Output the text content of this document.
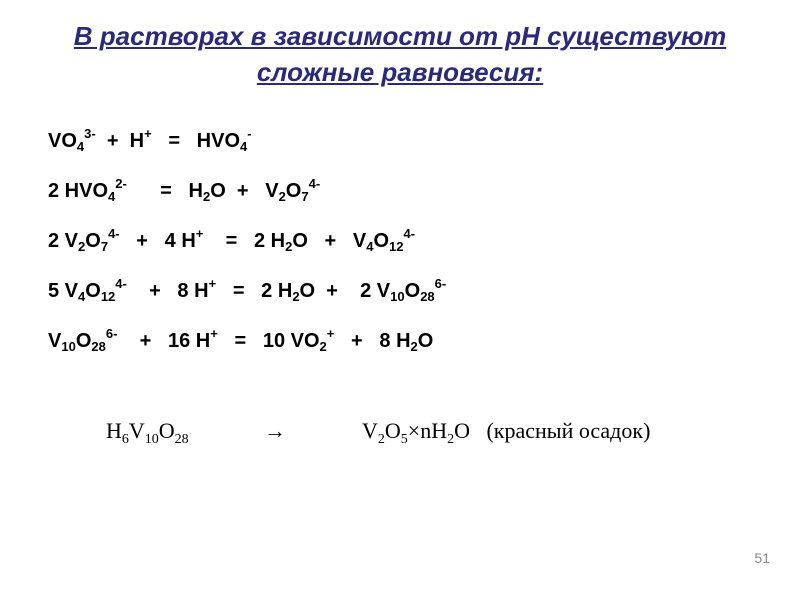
В растворах в зависимости от pH существуют
сложные равновесия:
$VO_4^{3-} + H^+ = HVO_4^-$
2 $HVO_4^{2-}$      =   $H_2O + V_2O_7^{4-}$
2 $V_2O_7^{4-} + 4$ H+    =   2 $H_2O + V_4O_{12}^{4-}$
5 $V_4O_{12}^{4-}$    +   8 H+   =   2 $H_2O$  +    2 $V_{10}O_{28}^{6-}$
$V_{10}O_{28}^{6-}$    +   16 H+   =   10 $VO_2^+ + 8$ $H_2O$
$H_6V_{10}O_{28}$	→	$V_2O_5\times nH_2O$   (красный осадок)
51
